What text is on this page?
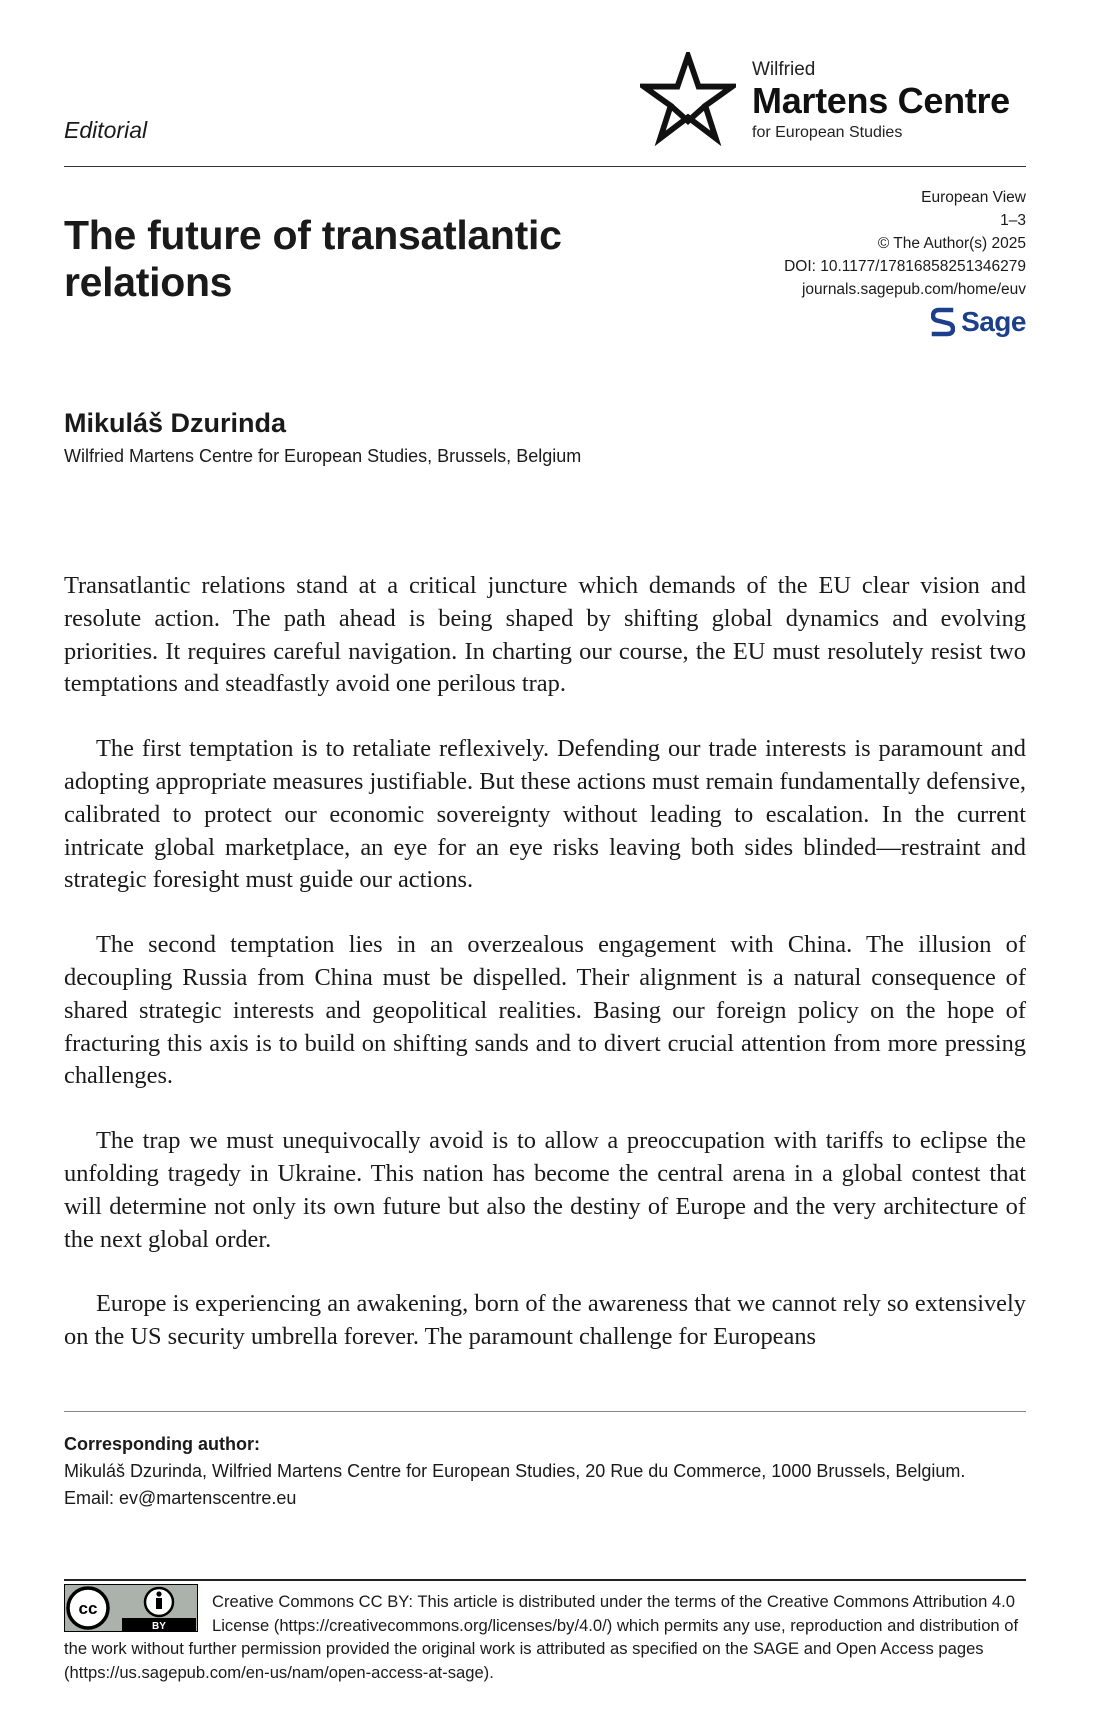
Editorial
Wilfried
Martens Centre
for European Studies
The future of transatlantic relations
European View
1–3
© The Author(s) 2025
DOI: 10.1177/17816858251346279
journals.sagepub.com/home/euv
Sage
Mikuláš Dzurinda
Wilfried Martens Centre for European Studies, Brussels, Belgium

Transatlantic relations stand at a critical juncture which demands of the EU clear vision and resolute action. The path ahead is being shaped by shifting global dynamics and evolving priorities. It requires careful navigation. In charting our course, the EU must resolutely resist two temptations and steadfastly avoid one perilous trap.

The first temptation is to retaliate reflexively. Defending our trade interests is paramount and adopting appropriate measures justifiable. But these actions must remain fundamentally defensive, calibrated to protect our economic sovereignty without leading to escalation. In the current intricate global marketplace, an eye for an eye risks leaving both sides blinded—restraint and strategic foresight must guide our actions.

The second temptation lies in an overzealous engagement with China. The illusion of decoupling Russia from China must be dispelled. Their alignment is a natural consequence of shared strategic interests and geopolitical realities. Basing our foreign policy on the hope of fracturing this axis is to build on shifting sands and to divert crucial attention from more pressing challenges.

The trap we must unequivocally avoid is to allow a preoccupation with tariffs to eclipse the unfolding tragedy in Ukraine. This nation has become the central arena in a global contest that will determine not only its own future but also the destiny of Europe and the very architecture of the next global order.

Europe is experiencing an awakening, born of the awareness that we cannot rely so extensively on the US security umbrella forever. The paramount challenge for Europeans

Corresponding author:
Mikuláš Dzurinda, Wilfried Martens Centre for European Studies, 20 Rue du Commerce, 1000 Brussels, Belgium.
Email: ev@martenscentre.eu
cc
BY
Creative Commons CC BY: This article is distributed under the terms of the Creative Commons Attribution 4.0 License (https://creativecommons.org/licenses/by/4.0/) which permits any use, reproduction and distribution of the work without further permission provided the original work is attributed as specified on the SAGE and Open Access pages (https://us.sagepub.com/en-us/nam/open-access-at-sage).
